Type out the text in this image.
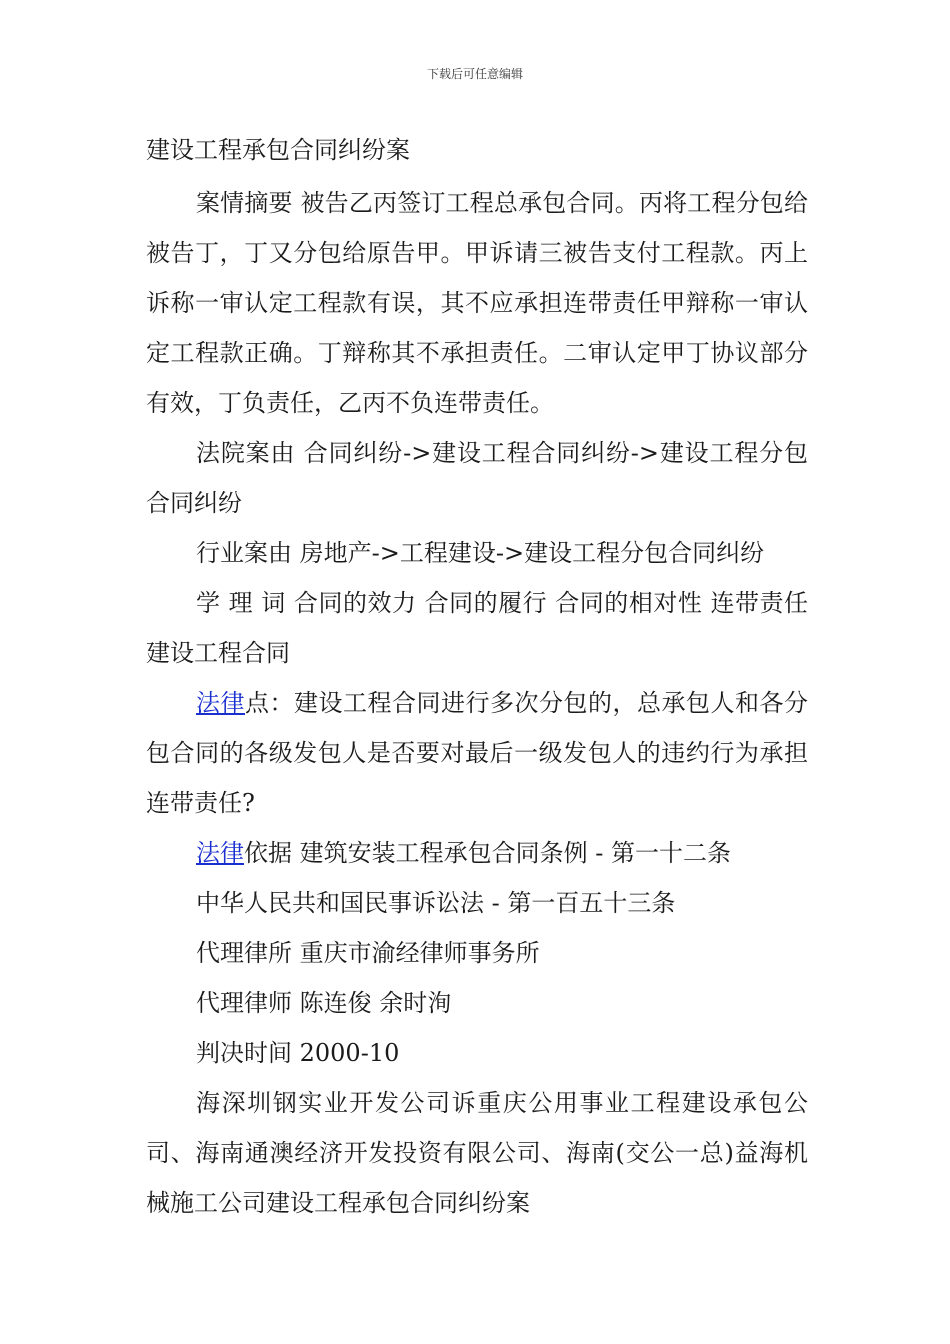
下载后可任意编辑
建设工程承包合同纠纷案

案情摘要 被告乙丙签订工程总承包合同。丙将工程分包给被告丁，丁又分包给原告甲。甲诉请三被告支付工程款。丙上诉称一审认定工程款有误，其不应承担连带责任甲辩称一审认定工程款正确。丁辩称其不承担责任。二审认定甲丁协议部分有效，丁负责任，乙丙不负连带责任。

法院案由 合同纠纷->建设工程合同纠纷->建设工程分包合同纠纷

行业案由 房地产->工程建设->建设工程分包合同纠纷

学 理 词 合同的效力 合同的履行 合同的相对性 连带责任 建设工程合同

法律点：建设工程合同进行多次分包的，总承包人和各分包合同的各级发包人是否要对最后一级发包人的违约行为承担连带责任?

法律依据 建筑安装工程承包合同条例 - 第一十二条

中华人民共和国民事诉讼法 - 第一百五十三条

代理律所 重庆市渝经律师事务所

代理律师 陈连俊 余时洵

判决时间 2000-10

海深圳钢实业开发公司诉重庆公用事业工程建设承包公司、海南通澳经济开发投资有限公司、海南(交公一总)益海机械施工公司建设工程承包合同纠纷案
